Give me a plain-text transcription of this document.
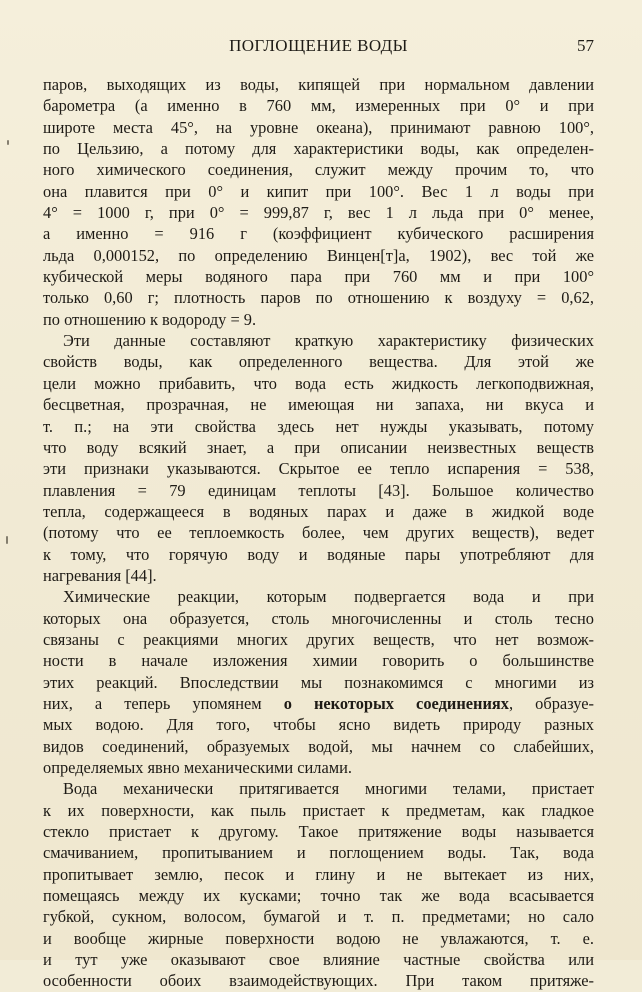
ПОГЛОЩЕНИЕ ВОДЫ	57
паров, выходящих из воды, кипящей при нормальном давлении
барометра (а именно в 760 мм, измеренных при 0° и при
широте места 45°, на уровне океана), принимают равною 100°,
по Цельзию, а потому для характеристики воды, как определен-
ного химического соединения, служит между прочим то, что
она плавится при 0° и кипит при 100°. Вес 1 л воды при
4° = 1000 г, при 0° = 999,87 г, вес 1 л льда при 0° менее,
а именно = 916 г (коэффициент кубического расширения
льда 0,000152, по определению Винцен[т]а, 1902), вес той же
кубической меры водяного пара при 760 мм и при 100°
только 0,60 г; плотность паров по отношению к воздуху = 0,62,
по отношению к водороду = 9.
Эти данные составляют краткую характеристику физических
свойств воды, как определенного вещества. Для этой же
цели можно прибавить, что вода есть жидкость легкоподвижная,
бесцветная, прозрачная, не имеющая ни запаха, ни вкуса и
т. п.; на эти свойства здесь нет нужды указывать, потому
что воду всякий знает, а при описании неизвестных веществ
эти признаки указываются. Скрытое ее тепло испарения = 538,
плавления = 79 единицам теплоты [43]. Большое количество
тепла, содержащееся в водяных парах и даже в жидкой воде
(потому что ее теплоемкость более, чем других веществ), ведет
к тому, что горячую воду и водяные пары употребляют для
нагревания [44].
Химические реакции, которым подвергается вода и при
которых она образуется, столь многочисленны и столь тесно
связаны с реакциями многих других веществ, что нет возмож-
ности в начале изложения химии говорить о большинстве
этих реакций. Впоследствии мы познакомимся с многими из
них, а теперь упомянем о некоторых соединениях, образуе-
мых водою. Для того, чтобы ясно видеть природу разных
видов соединений, образуемых водой, мы начнем со слабейших,
определяемых явно механическими силами.
Вода механически притягивается многими телами, пристает
к их поверхности, как пыль пристает к предметам, как гладкое
стекло пристает к другому. Такое притяжение воды называется
смачиванием, пропитыванием и поглощением воды. Так, вода
пропитывает землю, песок и глину и не вытекает из них,
помещаясь между их кусками; точно так же вода всасывается
губкой, сукном, волосом, бумагой и т. п. предметами; но сало
и вообще жирные поверхности водою не увлажаются, т. е.
и тут уже оказывают свое влияние частные свойства или
особенности обоих взаимодействующих. При таком притяже-
